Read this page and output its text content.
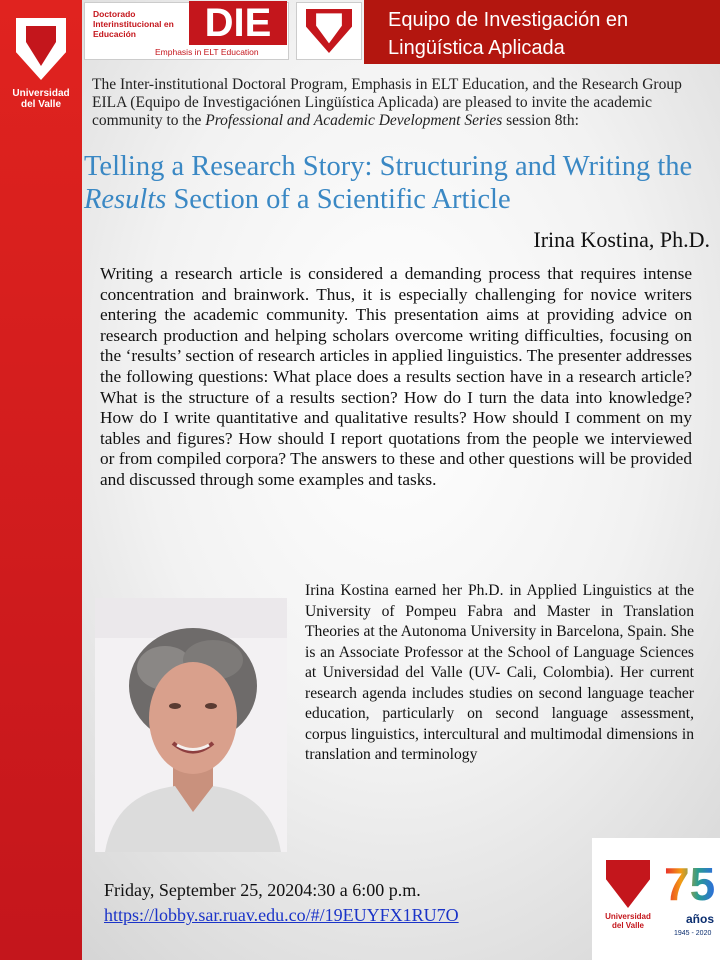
Universidad del Valle
Doctorado Interinstitucional en Educación	DIE
Emphasis in ELT Education
Equipo de Investigación en
Lingüística Aplicada

The Inter-institutional Doctoral Program, Emphasis in ELT Education, and the Research Group EILA (Equipo de Investigaciónen Lingüística Aplicada) are pleased to invite the academic community to the Professional and Academic Development Series session 8th:

Telling a Research Story: Structuring and Writing the Results Section of a Scientific Article
Irina Kostina, Ph.D.

Writing a research article is considered a demanding process that requires intense concentration and brainwork. Thus, it is especially challenging for novice writers entering the academic community. This presentation aims at providing advice on research production and helping scholars overcome writing difficulties, focusing on the ‘results’ section of research articles in applied linguistics. The presenter addresses the following questions: What place does a results section have in a research article? What is the structure of a results section? How do I turn the data into knowledge? How do I write quantitative and qualitative results? How should I comment on my tables and figures? How should I report quotations from the people we interviewed or from compiled corpora? The answers to these and other questions will be provided and discussed through some examples and tasks.

Irina Kostina earned her Ph.D. in Applied Linguistics at the University of Pompeu Fabra and Master in Translation Theories at the Autonoma University in Barcelona, Spain. She is an Associate Professor at the School of Language Sciences at Universidad del Valle (UV- Cali, Colombia). Her current research agenda includes studies on second language teacher education, particularly on second language assessment, corpus linguistics, intercultural and multimodal dimensions in translation and terminology

Friday, September 25, 20204:30 a 6:00 p.m.
https://lobby.sar.ruav.edu.co/#/19EUYFX1RU7O	Universidad del Valle
75
años
1945 - 2020
